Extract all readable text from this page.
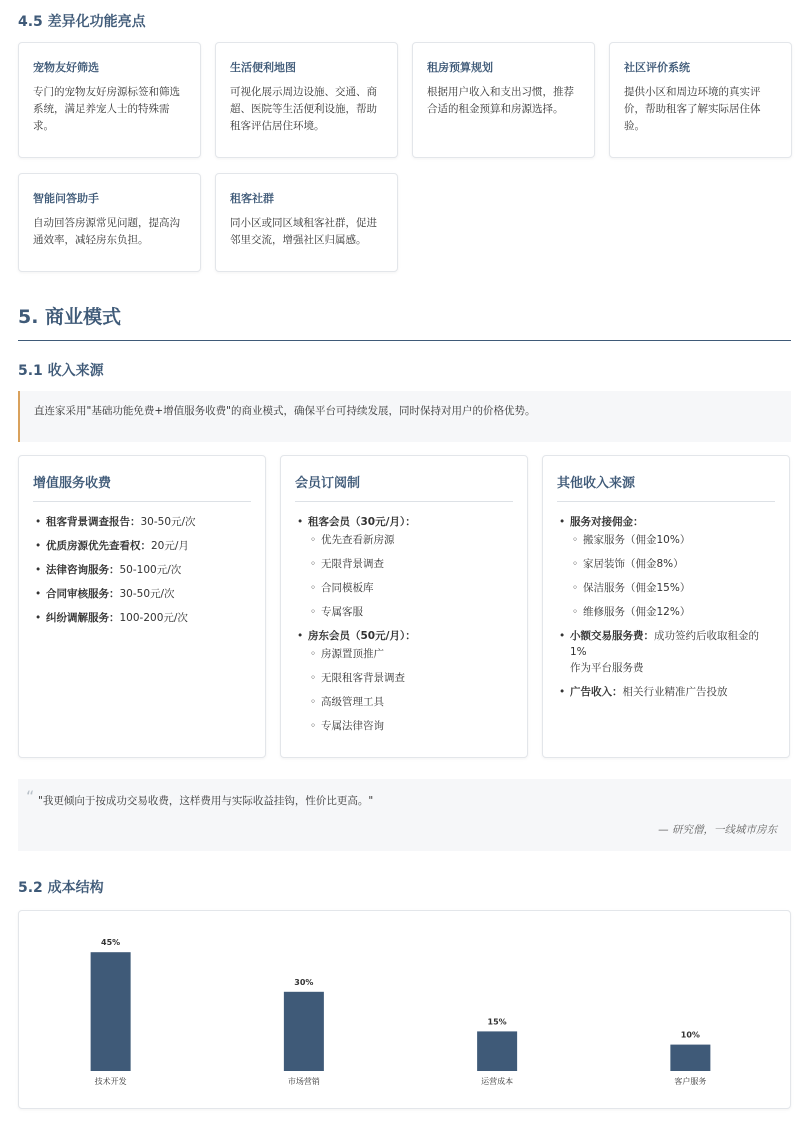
4.5 差异化功能亮点
宠物友好筛选
专门的宠物友好房源标签和筛选
系统，满足养宠人士的特殊需
求。
生活便利地图
可视化展示周边设施、交通、商
超、医院等生活便利设施，帮助
租客评估居住环境。
租房预算规划
根据用户收入和支出习惯，推荐
合适的租金预算和房源选择。
社区评价系统
提供小区和周边环境的真实评
价，帮助租客了解实际居住体
验。
智能问答助手
自动回答房源常见问题，提高沟
通效率，减轻房东负担。
租客社群
同小区或同区域租客社群，促进
邻里交流，增强社区归属感。
5. 商业模式
5.1 收入来源
直连家采用"基础功能免费+增值服务收费"的商业模式，确保平台可持续发展，同时保持对用户的价格优势。
增值服务收费
• 租客背景调查报告：30-50元/次
• 优质房源优先查看权：20元/月
• 法律咨询服务：50-100元/次
• 合同审核服务：30-50元/次
• 纠纷调解服务：100-200元/次
会员订阅制
• 租客会员（30元/月）：
◦ 优先查看新房源
◦ 无限背景调查
◦ 合同模板库
◦ 专属客服
• 房东会员（50元/月）：
◦ 房源置顶推广
◦ 无限租客背景调查
◦ 高级管理工具
◦ 专属法律咨询
其他收入来源
• 服务对接佣金：
◦ 搬家服务（佣金10%）
◦ 家居装饰（佣金8%）
◦ 保洁服务（佣金15%）
◦ 维修服务（佣金12%）
• 小额交易服务费：成功签约后收取租金的1%
作为平台服务费
• 广告收入：相关行业精准广告投放
“ "我更倾向于按成功交易收费，这样费用与实际收益挂钩，性价比更高。"
— 研究僧，一线城市房东
5.2 成本结构
45%
技术开发
30%
市场营销
15%
运营成本
10%
客户服务
